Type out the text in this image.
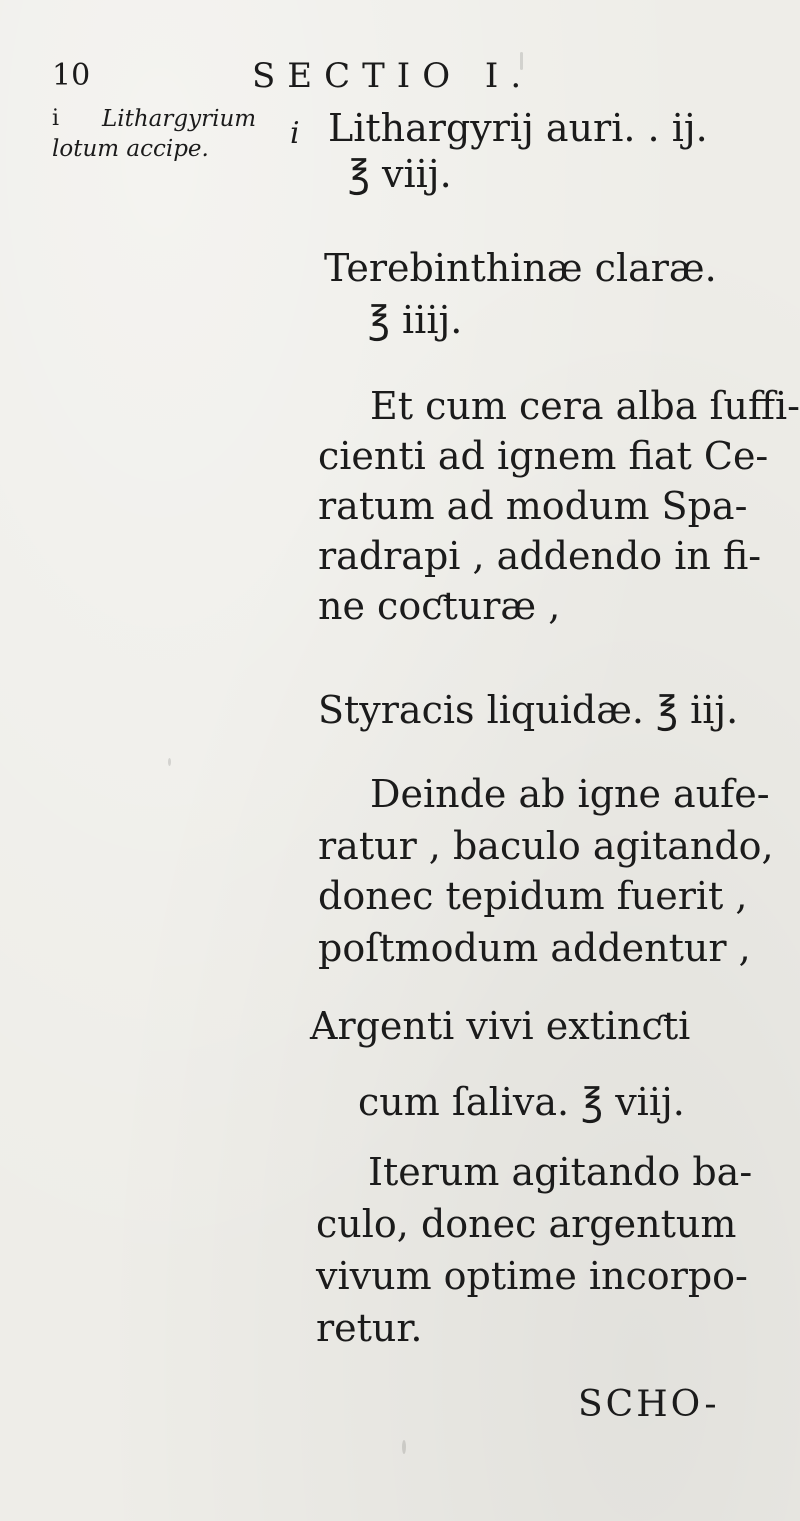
10	SECTIO I.
i	Lithargyrium
lotum accipe.	i Lithargyrij auri. . ij.
℥ viij.
Terebinthinæ claræ.
℥ iiij.
Et cum cera alba ſuffi-
cienti ad ignem fiat Ce-
ratum ad modum Spa-
radrapi , addendo in fi-
ne coƈturæ ,
Styracis liquidæ. ℥ iij.
Deinde ab igne aufe-
ratur , baculo agitando,
donec tepidum fuerit ,
poſtmodum addentur ,
Argenti vivi extinƈti
cum ſaliva. ℥ viij.
Iterum agitando ba-
culo, donec argentum
vivum optime incorpo-
retur.
SCHO-
